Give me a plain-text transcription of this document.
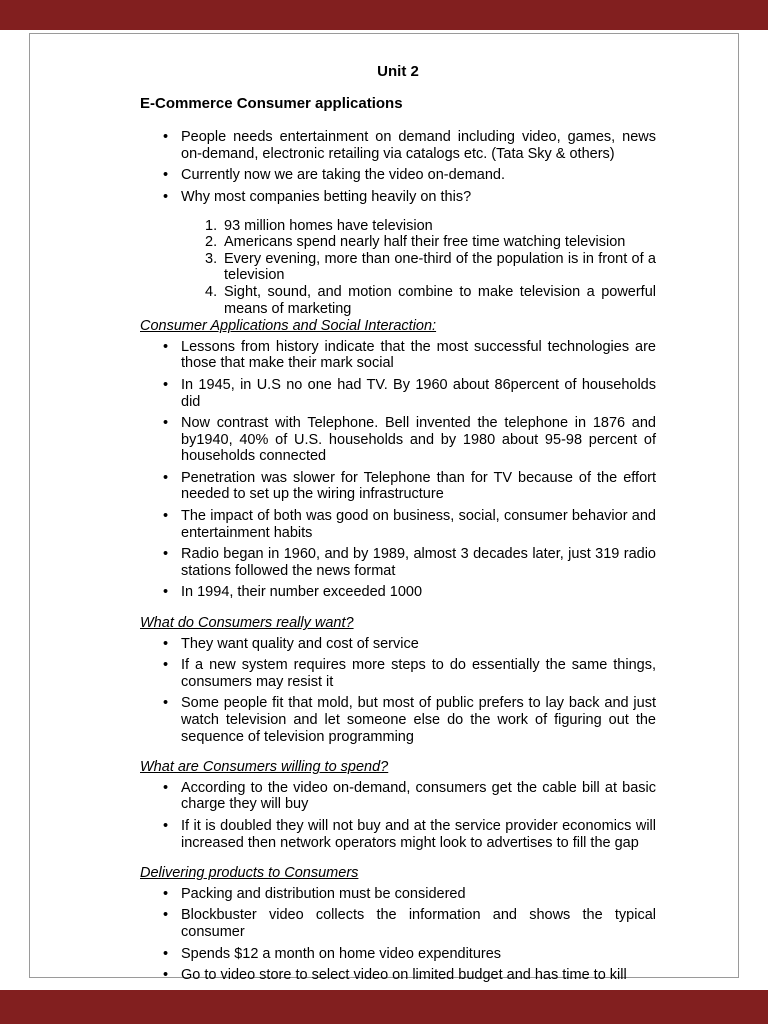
Unit 2
E-Commerce Consumer applications
•
People needs entertainment on demand including video, games, news on-demand, electronic retailing via catalogs etc. (Tata Sky & others)
•
Currently now we are taking the video on-demand.
•
Why most companies betting heavily on this?
1. 93 million homes have television
2. Americans spend nearly half their free time watching television
3. Every evening, more than one-third of the population is in front of a television
4. Sight, sound, and motion combine to make television a powerful means of marketing
Consumer Applications and Social Interaction:
•
Lessons from history indicate that the most successful technologies are those that make their mark social
•
In 1945, in U.S no one had TV. By 1960 about 86percent of households did
•
Now contrast with Telephone. Bell invented the telephone in 1876 and by1940, 40% of U.S. households and by 1980 about 95-98 percent of households connected
•
Penetration was slower for Telephone than for TV because of the effort needed to set up the wiring infrastructure
•
The impact of both was good on business, social, consumer behavior and entertainment habits
•
Radio began in 1960, and by 1989, almost 3 decades later, just 319 radio stations followed the news format
•
In 1994, their number exceeded 1000
What do Consumers really want?
•
They want quality and cost of service
•
If a new system requires more steps to do essentially the same things, consumers may resist it
•
Some people fit that mold, but most of public prefers to lay back and just watch television and let someone else do the work of figuring out the sequence of television programming
What are Consumers willing to spend?
•
According to the video on-demand, consumers get the cable bill at basic charge they will buy
•
If it is doubled they will not buy and at the service provider economics will increased then network operators might look to advertises to fill the gap
Delivering products to Consumers
•
Packing and distribution must be considered
•
Blockbuster video collects the information and shows the typical consumer
•
Spends $12 a month on home video expenditures
•
Go to video store to select video on limited budget and has time to kill
•
